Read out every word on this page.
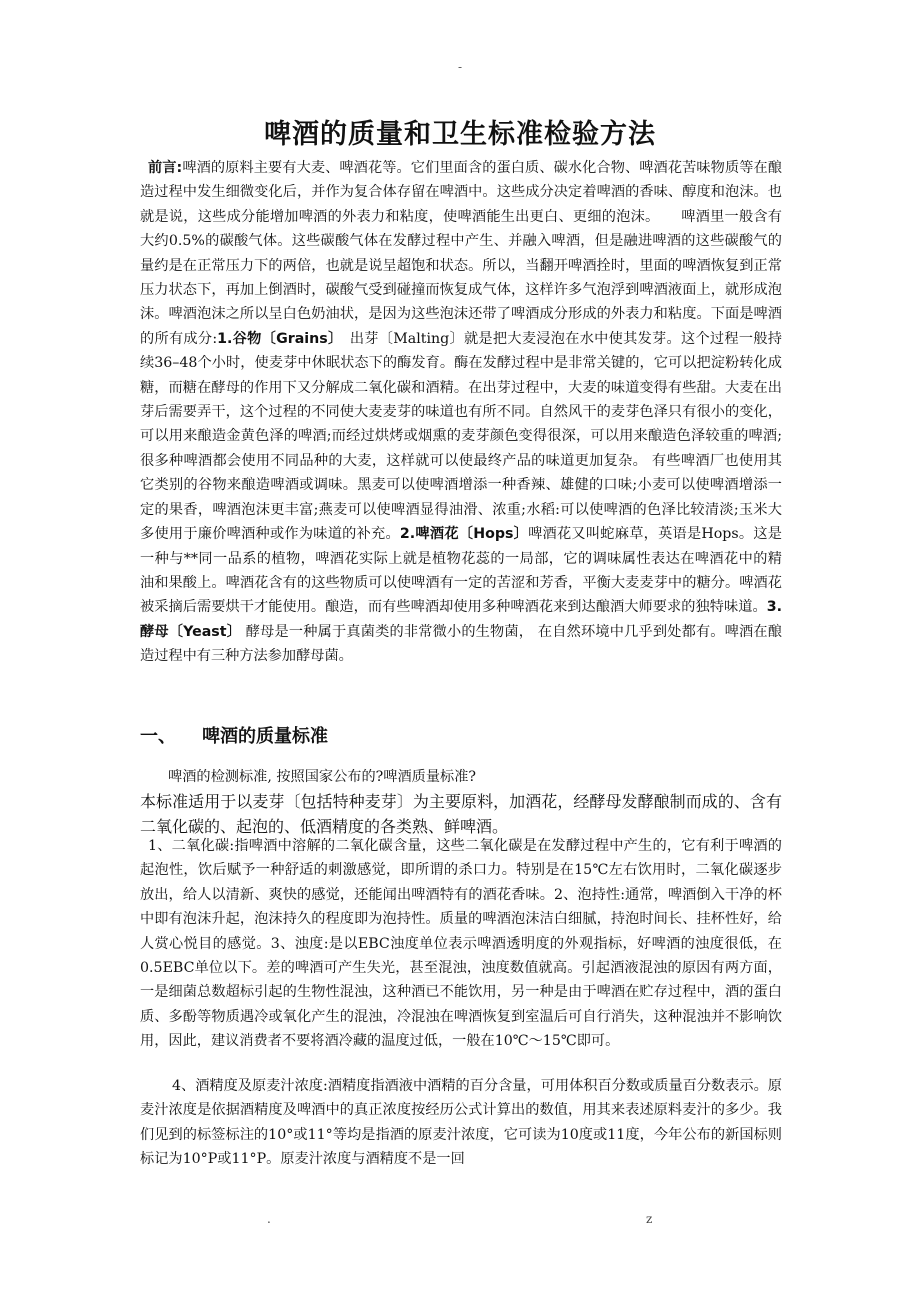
-
啤酒的质量和卫生标准检验方法

前言:啤酒的原料主要有大麦、啤酒花等。它们里面含的蛋白质、碳水化合物、啤酒花苦味物质等在酿造过程中发生细微变化后，并作为复合体存留在啤酒中。这些成分决定着啤酒的香味、醇度和泡沫。也就是说，这些成分能增加啤酒的外表力和粘度，使啤酒能生出更白、更细的泡沫。　　啤酒里一般含有大约0.5%的碳酸气体。这些碳酸气体在发酵过程中产生、并融入啤酒，但是融进啤酒的这些碳酸气的量约是在正常压力下的两倍，也就是说呈超饱和状态。所以，当翻开啤酒拴时，里面的啤酒恢复到正常压力状态下，再加上倒酒时，碳酸气受到碰撞而恢复成气体，这样许多气泡浮到啤酒液面上，就形成泡沫。啤酒泡沫之所以呈白色奶油状，是因为这些泡沫还带了啤酒成分形成的外表力和粘度。下面是啤酒的所有成分:1.谷物〔Grains〕　出芽〔Malting〕就是把大麦浸泡在水中使其发芽。这个过程一般持续36–48个小时，使麦芽中休眠状态下的酶发育。酶在发酵过程中是非常关键的，它可以把淀粉转化成糖，而糖在酵母的作用下又分解成二氧化碳和酒精。在出芽过程中，大麦的味道变得有些甜。大麦在出芽后需要弄干，这个过程的不同使大麦麦芽的味道也有所不同。自然风干的麦芽色泽只有很小的变化，可以用来酿造金黄色泽的啤酒;而经过烘烤或烟熏的麦芽颜色变得很深，可以用来酿造色泽较重的啤酒;很多种啤酒都会使用不同品种的大麦，这样就可以使最终产品的味道更加复杂。 有些啤酒厂也使用其它类别的谷物来酿造啤酒或调味。黑麦可以使啤酒增添一种香辣、雄健的口味;小麦可以使啤酒增添一定的果香，啤酒泡沫更丰富;燕麦可以使啤酒显得油滑、浓重;水稻:可以使啤酒的色泽比较清淡;玉米大多使用于廉价啤酒种或作为味道的补充。2.啤酒花〔Hops〕啤酒花又叫蛇麻草，英语是Hops。这是一种与**同一品系的植物，啤酒花实际上就是植物花蕊的一局部，它的调味属性表达在啤酒花中的精 油和果酸上。啤酒花含有的这些物质可以使啤酒有一定的苦涩和芳香，平衡大麦麦芽中的糖分。啤酒花被采摘后需要烘干才能使用。酿造，而有些啤酒却使用多种啤酒花来到达酿酒大师要求的独特味道。3.酵母〔Yeast〕 酵母是一种属于真菌类的非常微小的生物菌， 在自然环境中几乎到处都有。啤酒在酿造过程中有三种方法参加酵母菌。

一、 啤酒的质量标准

啤酒的检测标准, 按照国家公布的?啤酒质量标准?

本标准适用于以麦芽〔包括特种麦芽〕为主要原料，加酒花，经酵母发酵酿制而成的、含有二氧化碳的、起泡的、低酒精度的各类熟、鲜啤酒。

1、二氧化碳:指啤酒中溶解的二氧化碳含量，这些二氧化碳是在发酵过程中产生的，它有利于啤酒的起泡性，饮后赋予一种舒适的刺激感觉，即所谓的杀口力。特别是在15℃左右饮用时，二氧化碳逐步放出，给人以清新、爽快的感觉，还能闻出啤酒特有的酒花香味。2、泡持性:通常，啤酒倒入干净的杯中即有泡沫升起，泡沫持久的程度即为泡持性。质量的啤酒泡沫洁白细腻，持泡时间长、挂杯性好，给人赏心悦目的感觉。3、浊度:是以EBC浊度单位表示啤酒透明度的外观指标，好啤酒的浊度很低，在0.5EBC单位以下。差的啤酒可产生失光，甚至混浊，浊度数值就高。引起酒液混浊的原因有两方面，一是细菌总数超标引起的生物性混浊，这种酒已不能饮用，另一种是由于啤酒在贮存过程中，酒的蛋白质、多酚等物质遇冷或氧化产生的混浊，冷混浊在啤酒恢复到室温后可自行消失，这种混浊并不影响饮用，因此，建议消费者不要将酒冷藏的温度过低，一般在10℃～15℃即可。

4、酒精度及原麦汁浓度:酒精度指酒液中酒精的百分含量，可用体积百分数或质量百分数表示。原麦汁浓度是依据酒精度及啤酒中的真正浓度按经历公式计算出的数值，用其来表述原料麦汁的多少。我们见到的标签标注的10°或11°等均是指酒的原麦汁浓度，它可读为10度或11度，今年公布的新国标则标记为10°P或11°P。原麦汁浓度与酒精度不是一回

.	z
